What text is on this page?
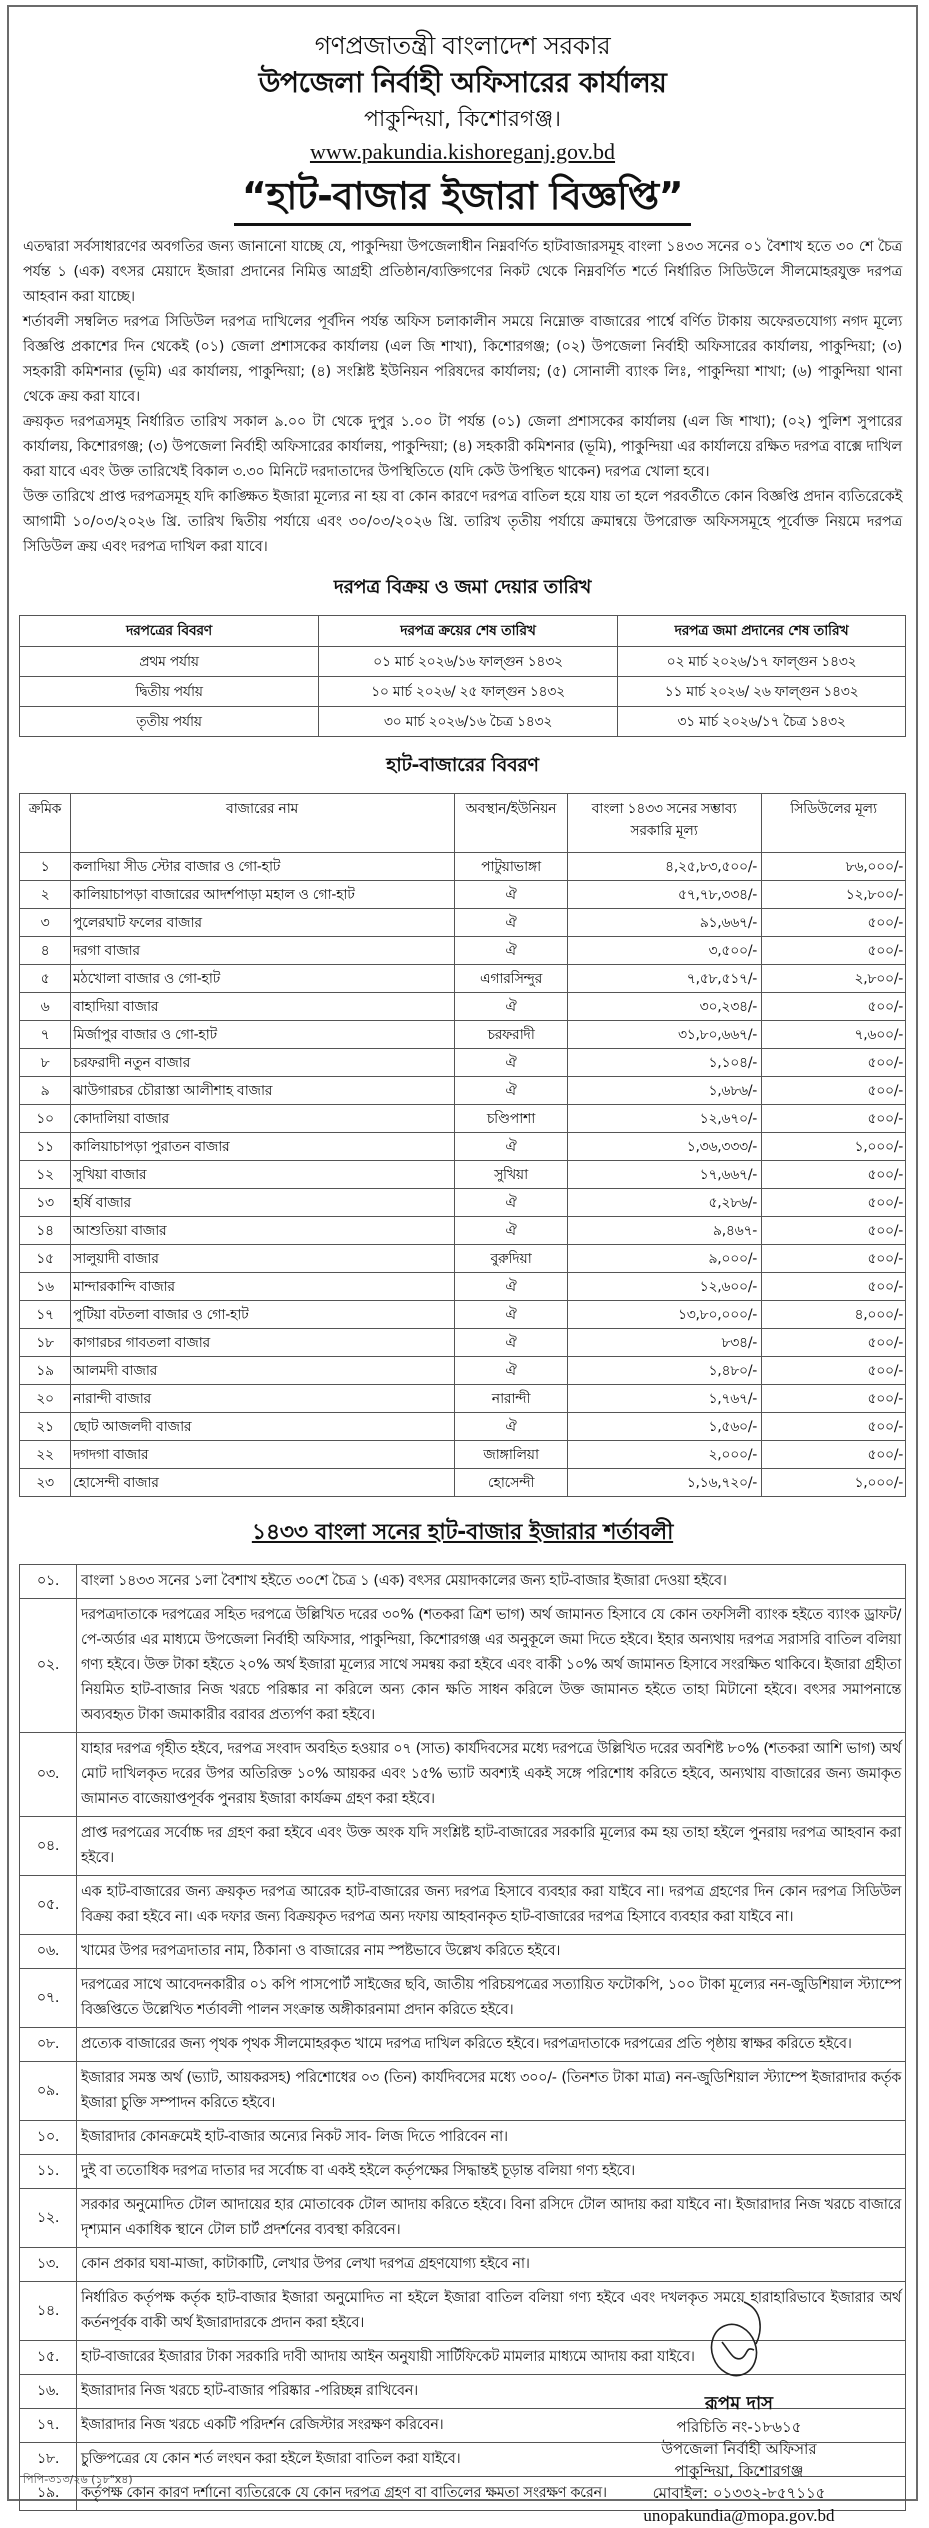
গণপ্রজাতন্ত্রী বাংলাদেশ সরকার
উপজেলা নির্বাহী অফিসারের কার্যালয়
পাকুন্দিয়া, কিশোরগঞ্জ।
www.pakundia.kishoreganj.gov.bd
“হাট-বাজার ইজারা বিজ্ঞপ্তি”
এতদ্বারা সর্বসাধারণের অবগতির জন্য জানানো যাচ্ছে যে, পাকুন্দিয়া উপজেলাধীন নিম্নবর্ণিত হাটবাজারসমূহ বাংলা ১৪৩৩ সনের ০১ বৈশাখ হতে ৩০ শে চৈত্র পর্যন্ত ১ (এক) বৎসর মেয়াদে ইজারা প্রদানের নিমিত্ত আগ্রহী প্রতিষ্ঠান/ব্যক্তিগণের নিকট থেকে নিম্নবর্ণিত শর্তে নির্ধারিত সিডিউলে সীলমোহরযুক্ত দরপত্র আহবান করা যাচ্ছে।
শর্তাবলী সম্বলিত দরপত্র সিডিউল দরপত্র দাখিলের পূর্বদিন পর্যন্ত অফিস চলাকালীন সময়ে নিম্নোক্ত বাজারের পার্শ্বে বর্ণিত টাকায় অফেরতযোগ্য নগদ মূল্যে বিজ্ঞপ্তি প্রকাশের দিন থেকেই (০১) জেলা প্রশাসকের কার্যালয় (এল জি শাখা), কিশোরগঞ্জ; (০২) উপজেলা নির্বাহী অফিসারের কার্যালয়, পাকুন্দিয়া; (৩) সহকারী কমিশনার (ভূমি) এর কার্যালয়, পাকুন্দিয়া; (৪) সংশ্লিষ্ট ইউনিয়ন পরিষদের কার্যালয়; (৫) সোনালী ব্যাংক লিঃ, পাকুন্দিয়া শাখা; (৬) পাকুন্দিয়া থানা থেকে ক্রয় করা যাবে।
ক্রয়কৃত দরপত্রসমূহ নির্ধারিত তারিখ সকাল ৯.০০ টা থেকে দুপুর ১.০০ টা পর্যন্ত (০১) জেলা প্রশাসকের কার্যালয় (এল জি শাখা); (০২) পুলিশ সুপারের কার্যালয়, কিশোরগঞ্জ; (৩) উপজেলা নির্বাহী অফিসারের কার্যালয়, পাকুন্দিয়া; (৪) সহকারী কমিশনার (ভূমি), পাকুন্দিয়া এর কার্যালয়ে রক্ষিত দরপত্র বাক্সে দাখিল করা যাবে এবং উক্ত তারিখেই বিকাল ৩.৩০ মিনিটে দরদাতাদের উপস্থিতিতে (যদি কেউ উপস্থিত থাকেন) দরপত্র খোলা হবে।
উক্ত তারিখে প্রাপ্ত দরপত্রসমূহ যদি কাঙ্ক্ষিত ইজারা মূল্যের না হয় বা কোন কারণে দরপত্র বাতিল হয়ে যায় তা হলে পরবর্তীতে কোন বিজ্ঞপ্তি প্রদান ব্যতিরেকেই আগামী ১০/০৩/২০২৬ খ্রি. তারিখ দ্বিতীয় পর্যায়ে এবং ৩০/০৩/২০২৬ খ্রি. তারিখ তৃতীয় পর্যায়ে ক্রমান্বয়ে উপরোক্ত অফিসসমূহে পূর্বোক্ত নিয়মে দরপত্র সিডিউল ক্রয় এবং দরপত্র দাখিল করা যাবে।
দরপত্র বিক্রয় ও জমা দেয়ার তারিখ
দরপত্রের বিবরণ	দরপত্র ক্রয়ের শেষ তারিখ	দরপত্র জমা প্রদানের শেষ তারিখ
প্রথম পর্যায়	০১ মার্চ ২০২৬/১৬ ফাল্গুন ১৪৩২	০২ মার্চ ২০২৬/১৭ ফাল্গুন ১৪৩২
দ্বিতীয় পর্যায়	১০ মার্চ ২০২৬/ ২৫ ফাল্গুন ১৪৩২	১১ মার্চ ২০২৬/ ২৬ ফাল্গুন ১৪৩২
তৃতীয় পর্যায়	৩০ মার্চ ২০২৬/১৬ চৈত্র ১৪৩২	৩১ মার্চ ২০২৬/১৭ চৈত্র ১৪৩২
হাট-বাজারের বিবরণ
ক্রমিক	বাজারের নাম	অবস্থান/ইউনিয়ন	বাংলা ১৪৩৩ সনের সম্ভাব্য সরকারি মূল্য	সিডিউলের মূল্য
১	কলাদিয়া সীড স্টোর বাজার ও গো-হাট	পাটুয়াভাঙ্গা	৪,২৫,৮৩,৫০০/-	৮৬,০০০/-
২	কালিয়াচাপড়া বাজারের আদর্শপাড়া মহাল ও গো-হাট	ঐ	৫৭,৭৮,৩৩৪/-	১২,৮০০/-
৩	পুলেরঘাট ফলের বাজার	ঐ	৯১,৬৬৭/-	৫০০/-
৪	দরগা বাজার	ঐ	৩,৫০০/-	৫০০/-
৫	মঠখোলা বাজার ও গো-হাট	এগারসিন্দুর	৭,৫৮,৫১৭/-	২,৮০০/-
৬	বাহাদিয়া বাজার	ঐ	৩০,২৩৪/-	৫০০/-
৭	মির্জাপুর বাজার ও গো-হাট	চরফরাদী	৩১,৮০,৬৬৭/-	৭,৬০০/-
৮	চরফরাদী নতুন বাজার	ঐ	১,১০৪/-	৫০০/-
৯	ঝাউগারচর চৌরাস্তা আলীশাহ বাজার	ঐ	১,৬৮৬/-	৫০০/-
১০	কোদালিয়া বাজার	চণ্ডিপাশা	১২,৬৭০/-	৫০০/-
১১	কালিয়াচাপড়া পুরাতন বাজার	ঐ	১,৩৬,৩৩৩/-	১,০০০/-
১২	সুখিয়া বাজার	সুখিয়া	১৭,৬৬৭/-	৫০০/-
১৩	হর্ষি বাজার	ঐ	৫,২৮৬/-	৫০০/-
১৪	আশুতিয়া বাজার	ঐ	৯,৪৬৭-	৫০০/-
১৫	সালুয়াদী বাজার	বুরুদিয়া	৯,০০০/-	৫০০/-
১৬	মান্দারকান্দি বাজার	ঐ	১২,৬০০/-	৫০০/-
১৭	পুটিয়া বটতলা বাজার ও গো-হাট	ঐ	১৩,৮০,০০০/-	৪,০০০/-
১৮	কাগারচর গাবতলা বাজার	ঐ	৮৩৪/-	৫০০/-
১৯	আলমদী বাজার	ঐ	১,৪৮০/-	৫০০/-
২০	নারান্দী বাজার	নারান্দী	১,৭৬৭/-	৫০০/-
২১	ছোট আজলদী বাজার	ঐ	১,৫৬০/-	৫০০/-
২২	দগদগা বাজার	জাঙ্গালিয়া	২,০০০/-	৫০০/-
২৩	হোসেন্দী বাজার	হোসেন্দী	১,১৬,৭২০/-	১,০০০/-
১৪৩৩ বাংলা সনের হাট-বাজার ইজারার শর্তাবলী
০১.	বাংলা ১৪৩৩ সনের ১লা বৈশাখ হইতে ৩০শে চৈত্র ১ (এক) বৎসর মেয়াদকালের জন্য হাট-বাজার ইজারা দেওয়া হইবে।
০২.	দরপত্রদাতাকে দরপত্রের সহিত দরপত্রে উল্লিখিত দরের ৩০% (শতকরা ত্রিশ ভাগ) অর্থ জামানত হিসাবে যে কোন তফসিলী ব্যাংক হইতে ব্যাংক ড্রাফট/পে-অর্ডার এর মাধ্যমে উপজেলা নির্বাহী অফিসার, পাকুন্দিয়া, কিশোরগঞ্জ এর অনুকূলে জমা দিতে হইবে। ইহার অন্যথায় দরপত্র সরাসরি বাতিল বলিয়া গণ্য হইবে। উক্ত টাকা হইতে ২০% অর্থ ইজারা মূল্যের সাথে সমন্বয় করা হইবে এবং বাকী ১০% অর্থ জামানত হিসাবে সংরক্ষিত থাকিবে। ইজারা গ্রহীতা নিয়মিত হাট-বাজার নিজ খরচে পরিষ্কার না করিলে অন্য কোন ক্ষতি সাধন করিলে উক্ত জামানত হইতে তাহা মিটানো হইবে। বৎসর সমাপনান্তে অব্যবহৃত টাকা জমাকারীর বরাবর প্রত্যর্পণ করা হইবে।
০৩.	যাহার দরপত্র গৃহীত হইবে, দরপত্র সংবাদ অবহিত হওয়ার ০৭ (সাত) কার্যদিবসের মধ্যে দরপত্রে উল্লিখিত দরের অবশিষ্ট ৮০% (শতকরা আশি ভাগ) অর্থ মোট দাখিলকৃত দরের উপর অতিরিক্ত ১০% আয়কর এবং ১৫% ভ্যাট অবশ্যই একই সঙ্গে পরিশোধ করিতে হইবে, অন্যথায় বাজারের জন্য জমাকৃত জামানত বাজেয়াপ্তপূর্বক পুনরায় ইজারা কার্যক্রম গ্রহণ করা হইবে।
০৪.	প্রাপ্ত দরপত্রের সর্বোচ্চ দর গ্রহণ করা হইবে এবং উক্ত অংক যদি সংশ্লিষ্ট হাট-বাজারের সরকারি মূল্যের কম হয় তাহা হইলে পুনরায় দরপত্র আহবান করা হইবে।
০৫.	এক হাট-বাজারের জন্য ক্রয়কৃত দরপত্র আরেক হাট-বাজারের জন্য দরপত্র হিসাবে ব্যবহার করা যাইবে না। দরপত্র গ্রহণের দিন কোন দরপত্র সিডিউল বিক্রয় করা হইবে না। এক দফার জন্য বিক্রয়কৃত দরপত্র অন্য দফায় আহবানকৃত হাট-বাজারের দরপত্র হিসাবে ব্যবহার করা যাইবে না।
০৬.	খামের উপর দরপত্রদাতার নাম, ঠিকানা ও বাজারের নাম স্পষ্টভাবে উল্লেখ করিতে হইবে।
০৭.	দরপত্রের সাথে আবেদনকারীর ০১ কপি পাসপোর্ট সাইজের ছবি, জাতীয় পরিচয়পত্রের সত্যায়িত ফটোকপি, ১০০ টাকা মূল্যের নন-জুডিশিয়াল স্ট্যাম্পে বিজ্ঞপ্তিতে উল্লেখিত শর্তাবলী পালন সংক্রান্ত অঙ্গীকারনামা প্রদান করিতে হইবে।
০৮.	প্রত্যেক বাজারের জন্য পৃথক পৃথক সীলমোহরকৃত খামে দরপত্র দাখিল করিতে হইবে। দরপত্রদাতাকে দরপত্রের প্রতি পৃষ্ঠায় স্বাক্ষর করিতে হইবে।
০৯.	ইজারার সমস্ত অর্থ (ভ্যাট, আয়করসহ) পরিশোধের ০৩ (তিন) কার্যদিবসের মধ্যে ৩০০/- (তিনশত টাকা মাত্র) নন-জুডিশিয়াল স্ট্যাম্পে ইজারাদার কর্তৃক ইজারা চুক্তি সম্পাদন করিতে হইবে।
১০.	ইজারাদার কোনক্রমেই হাট-বাজার অন্যের নিকট সাব- লিজ দিতে পারিবেন না।
১১.	দুই বা ততোধিক দরপত্র দাতার দর সর্বোচ্চ বা একই হইলে কর্তৃপক্ষের সিদ্ধান্তই চূড়ান্ত বলিয়া গণ্য হইবে।
১২.	সরকার অনুমোদিত টোল আদায়ের হার মোতাবেক টোল আদায় করিতে হইবে। বিনা রসিদে টোল আদায় করা যাইবে না। ইজারাদার নিজ খরচে বাজারে দৃশ্যমান একাধিক স্থানে টোল চার্ট প্রদর্শনের ব্যবস্থা করিবেন।
১৩.	কোন প্রকার ঘষা-মাজা, কাটাকাটি, লেখার উপর লেখা দরপত্র গ্রহণযোগ্য হইবে না।
১৪.	নির্ধারিত কর্তৃপক্ষ কর্তৃক হাট-বাজার ইজারা অনুমোদিত না হইলে ইজারা বাতিল বলিয়া গণ্য হইবে এবং দখলকৃত সময়ে হারাহারিভাবে ইজারার অর্থ কর্তনপূর্বক বাকী অর্থ ইজারাদারকে প্রদান করা হইবে।
১৫.	হাট-বাজারের ইজারার টাকা সরকারি দাবী আদায় আইন অনুযায়ী সার্টিফিকেট মামলার মাধ্যমে আদায় করা যাইবে।
১৬.	ইজারাদার নিজ খরচে হাট-বাজার পরিষ্কার -পরিচ্ছন্ন রাখিবেন।
১৭.	ইজারাদার নিজ খরচে একটি পরিদর্শন রেজিস্টার সংরক্ষণ করিবেন।
১৮.	চুক্তিপত্রের যে কোন শর্ত লংঘন করা হইলে ইজারা বাতিল করা যাইবে।
১৯.	কর্তৃপক্ষ কোন কারণ দর্শানো ব্যতিরেকে যে কোন দরপত্র গ্রহণ বা বাতিলের ক্ষমতা সংরক্ষণ করেন।
রূপম দাস
পরিচিতি নং-১৮৬১৫
উপজেলা নির্বাহী অফিসার
পাকুন্দিয়া, কিশোরগঞ্জ
মোবাইল: ০১৩৩২-৮৫৭১১৫
unopakundia@mopa.gov.bd
পিপি-৩১৩/২৬ (১৮"x৪)
